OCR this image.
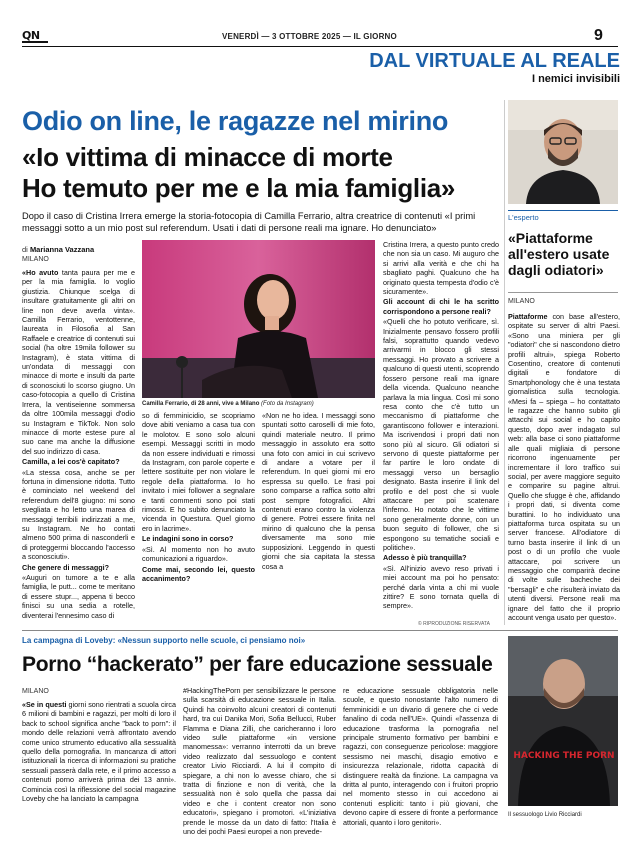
QN	VENERDÌ — 3 OTTOBRE 2025 — IL GIORNO	9
DAL VIRTUALE AL REALE
I nemici invisibili
Odio on line, le ragazze nel mirino
«Io vittima di minacce di morte
Ho temuto per me e la mia famiglia»
Dopo il caso di Cristina Irrera emerge la storia-fotocopia di Camilla Ferrario, altra creatrice di contenuti «I primi messaggi sotto a un mio post sul referendum. Usati i dati di persone reali ma ignare. Ho denunciato»
di Marianna Vazzana
MILANO

«Ho avuto tanta paura per me e per la mia famiglia. Io voglio giustizia. Chiunque scelga di insultare gratuitamente gli altri on line non deve averla vinta». Camilla Ferrario, ventottenne, laureata in Filosofia al San Raffaele e creatrice di contenuti sui social (ha oltre 19mila follower su Instagram), è stata vittima di un'ondata di messaggi con minacce di morte e insulti da parte di sconosciuti lo scorso giugno. Un caso-fotocopia a quello di Cristina Irrera, la ventiseienne sommersa da oltre 100mila messaggi d'odio su Instagram e TikTok. Non solo minacce di morte estese pure al suo cane ma anche la diffusione del suo indirizzo di casa.

Camilla, a lei cos'è capitato?

«La stessa cosa, anche se per fortuna in dimensione ridotta. Tutto è cominciato nel weekend del referendum dell'8 giugno: mi sono svegliata e ho letto una marea di messaggi terribili indirizzati a me, su Instagram. Ne ho contati almeno 500 prima di nasconderli e di proteggermi bloccando l'accesso a sconosciuti».

Che genere di messaggi?

«Auguri on tumore a te e alla famiglia, le putt... come te meritano di essere stupr..., appena ti becco finisci su una sedia a rotelle, diventerai l'ennesimo caso di

Camilla Ferrario, di 28 anni, vive a Milano (Foto da Instagram)

so di femminicidio, se scopriamo dove abiti veniamo a casa tua con le molotov. E sono solo alcuni esempi. Messaggi scritti in modo da non essere individuati e rimossi da Instagram, con parole coperte e lettere sostituite per non violare le regole della piattaforma. Io ho invitato i miei follower a segnalare e tanti commenti sono poi stati rimossi. E ho subito denunciato la vicenda in Questura. Quel giorno ero in lacrime».

Le indagini sono in corso?

«Sì. Al momento non ho avuto comunicazioni a riguardo».

Come mai, secondo lei, questo accanimento?

«Non ne ho idea. I messaggi sono spuntati sotto caroselli di mie foto, quindi materiale neutro. Il primo messaggio in assoluto era sotto una foto con amici in cui scrivevo di andare a votare per il referendum. In quei giorni mi ero espressa su quello. Le frasi poi sono comparse a raffica sotto altri post sempre fotografici. Altri contenuti erano contro la violenza di genere. Potrei essere finita nel mirino di qualcuno che la pensa diversamente ma sono mie supposizioni. Leggendo in questi giorni che sia capitata la stessa cosa a

Cristina Irrera, a questo punto credo che non sia un caso. Mi auguro che si arrivi alla verità e che chi ha sbagliato paghi. Qualcuno che ha originato questa tempesta d'odio c'è sicuramente».

Gli account di chi le ha scritto corrispondono a persone reali?

«Quelli che ho potuto verificare, sì. Inizialmente pensavo fossero profili falsi, soprattutto quando vedevo arrivarmi in blocco gli stessi messaggi. Ho provato a scrivere a qualcuno di questi utenti, scoprendo fossero persone reali ma ignare della vicenda. Qualcuno neanche parlava la mia lingua. Così mi sono resa conto che c'è tutto un meccanismo di piattaforme che garantiscono follower e interazioni. Ma iscrivendosi i propri dati non sono più al sicuro. Gli odiatori si servono di queste piattaforme per far partire le loro ondate di messaggi verso un bersaglio designato. Basta inserire il link del profilo e del post che si vuole attaccare per poi scatenare l'inferno. Ho notato che le vittime sono generalmente donne, con un buon seguito di follower, che si espongono su tematiche sociali e politiche».

Adesso è più tranquilla?

«Sì. All'inizio avevo reso privati i miei account ma poi ho pensato: perché darla vinta a chi mi vuole zittire? E sono tornata quella di sempre».

© RIPRODUZIONE RISERVATA
L'esperto
«Piattaforme all'estero usate dagli odiatori»
MILANO

Piattaforme con base all'estero, ospitate su server di altri Paesi. «Sono una miniera per gli "odiatori" che si nascondono dietro profili altrui», spiega Roberto Cosentino, creatore di contenuti digitali e fondatore di Smartphonology che è una testata giornalistica sulla tecnologia. «Mesi fa – spiega – ho contattato le ragazze che hanno subito gli attacchi sui social e ho capito questo, dopo aver indagato sul web: alla base ci sono piattaforme alle quali migliaia di persone ricorrono ingenuamente per incrementare il loro traffico sui social, per avere maggiore seguito e comparire su pagine altrui. Quello che sfugge è che, affidando i propri dati, si diventa come burattini. Io ho individuato una piattaforma turca ospitata su un server francese. All'odiatore di turno basta inserire il link di un post o di un profilo che vuole attaccare, poi scrivere un messaggio che comparirà decine di volte sulle bacheche dei "bersagli" e che risulterà inviato da utenti diversi. Persone reali ma ignare del fatto che il proprio account venga usato per questo».

La campagna di Loveby: «Nessun supporto nelle scuole, ci pensiamo noi»
Porno “hackerato” per fare educazione sessuale
MILANO

«Se in questi giorni sono rientrati a scuola circa 6 milioni di bambini e ragazzi, per molti di loro il back to school significa anche "back to porn": il mondo delle relazioni verrà affrontato avendo come unico strumento educativo alla sessualità quello della pornografia. In mancanza di attori istituzionali la ricerca di informazioni su pratiche sessuali passerà dalla rete, e il primo accesso a contenuti porno arriverà prima dei 13 anni». Comincia così la riflessione del social magazine Loveby che ha lanciato la campagna

#HackingThePorn per sensibilizzare le persone sulla scarsità di educazione sessuale in Italia. Quindi ha coinvolto alcuni creatori di contenuti hard, tra cui Danika Mori, Sofia Bellucci, Ruber Flamma e Diana Zilli, che caricheranno i loro video sulle piattaforme «in versione manomessa»: verranno interrotti da un breve video realizzato dal sessuologo e content creator Livio Ricciardi. A lui il compito di spiegare, a chi non lo avesse chiaro, che si tratta di finzione e non di verità, che la sessualità non è solo quella che passa dai video e che i content creator non sono educatori», spiegano i promotori. «L'iniziativa prende le mosse da un dato di fatto: l'Italia è uno dei pochi Paesi europei a non prevede-

re educazione sessuale obbligatoria nelle scuole, e questo nonostante l'alto numero di femminicidi e un divario di genere che ci vede fanalino di coda nell'UE». Quindi «l'assenza di educazione trasforma la pornografia nel principale strumento formativo per bambini e ragazzi, con conseguenze pericolose: maggiore sessismo nei maschi, disagio emotivo e insicurezza relazionale, ridotta capacità di distinguere realtà da finzione. La campagna va dritta al punto, interagendo con i fruitori proprio nel momento stesso in cui accedono ai contenuti espliciti: tanto i più giovani, che devono capire di essere di fronte a performance attoriali, quanto i loro genitori».

HACKING THE PORN
Il sessuologo Livio Ricciardi
